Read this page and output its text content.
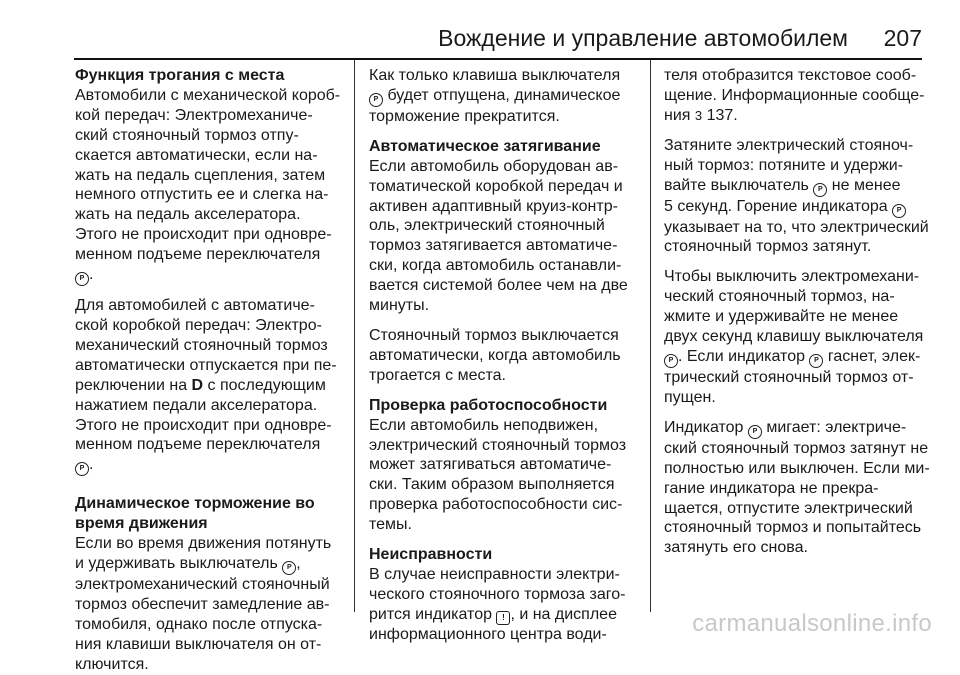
Вождение и управление автомобилем 207
Функция трогания с места
Автомобили с механической короб-
кой передач: Электромеханиче-
ский стояночный тормоз отпу-
скается автоматически, если на-
жать на педаль сцепления, затем
немного отпустить ее и слегка на-
жать на педаль акселератора.
Этого не происходит при одновре-
менном подъеме переключателя
P.
Для автомобилей с автоматиче-
ской коробкой передач: Электро-
механический стояночный тормоз
автоматически отпускается при пе-
реключении на D с последующим
нажатием педали акселератора.
Этого не происходит при одновре-
менном подъеме переключателя
P.
Динамическое торможение во
время движения
Если во время движения потянуть
и удерживать выключатель P,
электромеханический стояночный
тормоз обеспечит замедление ав-
томобиля, однако после отпуска-
ния клавиши выключателя он от-
ключится.
Как только клавиша выключателя
P будет отпущена, динамическое
торможение прекратится.
Автоматическое затягивание
Если автомобиль оборудован ав-
томатической коробкой передач и
активен адаптивный круиз-контр-
оль, электрический стояночный
тормоз затягивается автоматиче-
ски, когда автомобиль останавли-
вается системой более чем на две
минуты.
Стояночный тормоз выключается
автоматически, когда автомобиль
трогается с места.
Проверка работоспособности
Если автомобиль неподвижен,
электрический стояночный тормоз
может затягиваться автоматиче-
ски. Таким образом выполняется
проверка работоспособности сис-
темы.
Неисправности
В случае неисправности электри-
ческого стояночного тормоза заго-
рится индикатор !, и на дисплее
информационного центра води-
теля отобразится текстовое сооб-
щение. Информационные сообще-
ния 3 137.
Затяните электрический стояноч-
ный тормоз: потяните и удержи-
вайте выключатель P не менее
5 секунд. Горение индикатора P
указывает на то, что электрический
стояночный тормоз затянут.
Чтобы выключить электромехани-
ческий стояночный тормоз, на-
жмите и удерживайте не менее
двух секунд клавишу выключателя
P. Если индикатор P гаснет, элек-
трический стояночный тормоз от-
пущен.
Индикатор P мигает: электриче-
ский стояночный тормоз затянут не
полностью или выключен. Если ми-
гание индикатора не прекра-
щается, отпустите электрический
стояночный тормоз и попытайтесь
затянуть его снова.
carmanualsonline.info
